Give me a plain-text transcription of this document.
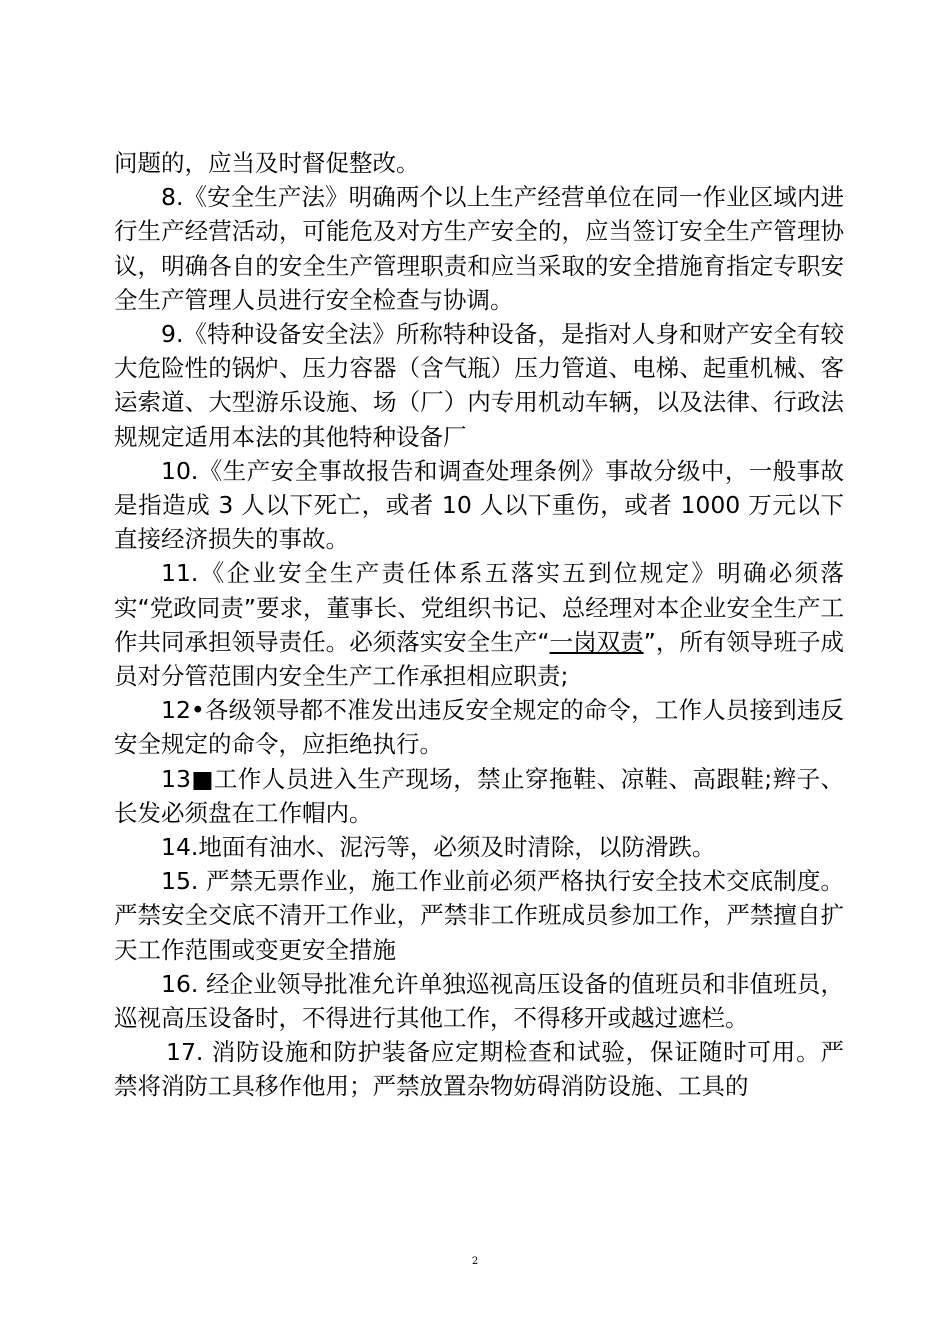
问题的，应当及时督促整改。

8.《安全生产法》明确两个以上生产经营单位在同一作业区域内进行生产经营活动，可能危及对方生产安全的，应当签订安全生产管理协议，明确各自的安全生产管理职责和应当采取的安全措施育指定专职安全生产管理人员进行安全检查与协调。

9.《特种设备安全法》所称特种设备，是指对人身和财产安全有较大危险性的锅炉、压力容器（含气瓶）压力管道、电梯、起重机械、客运索道、大型游乐设施、场（厂）内专用机动车辆，以及法律、行政法规规定适用本法的其他特种设备厂

10.《生产安全事故报告和调查处理条例》事故分级中，一般事故是指造成 3 人以下死亡，或者 10 人以下重伤，或者 1000 万元以下直接经济损失的事故。

11.《企业安全生产责任体系五落实五到位规定》明确必须落实“党政同责”要求，董事长、党组织书记、总经理对本企业安全生产工作共同承担领导责任。必须落实安全生产“一岗双责”，所有领导班子成员对分管范围内安全生产工作承担相应职责;

12•各级领导都不准发出违反安全规定的命令，工作人员接到违反安全规定的命令，应拒绝执行。

13■工作人员进入生产现场，禁止穿拖鞋、凉鞋、高跟鞋;辫子、长发必须盘在工作帽内。

14.地面有油水、泥污等，必须及时清除，以防滑跌。

15. 严禁无票作业，施工作业前必须严格执行安全技术交底制度。严禁安全交底不清开工作业，严禁非工作班成员参加工作，严禁擅自扩天工作范围或变更安全措施

16. 经企业领导批准允许单独巡视高压设备的值班员和非值班员，巡视高压设备时，不得进行其他工作，不得移开或越过遮栏。

17. 消防设施和防护装备应定期检查和试验，保证随时可用。严禁将消防工具移作他用；严禁放置杂物妨碍消防设施、工具的

2
